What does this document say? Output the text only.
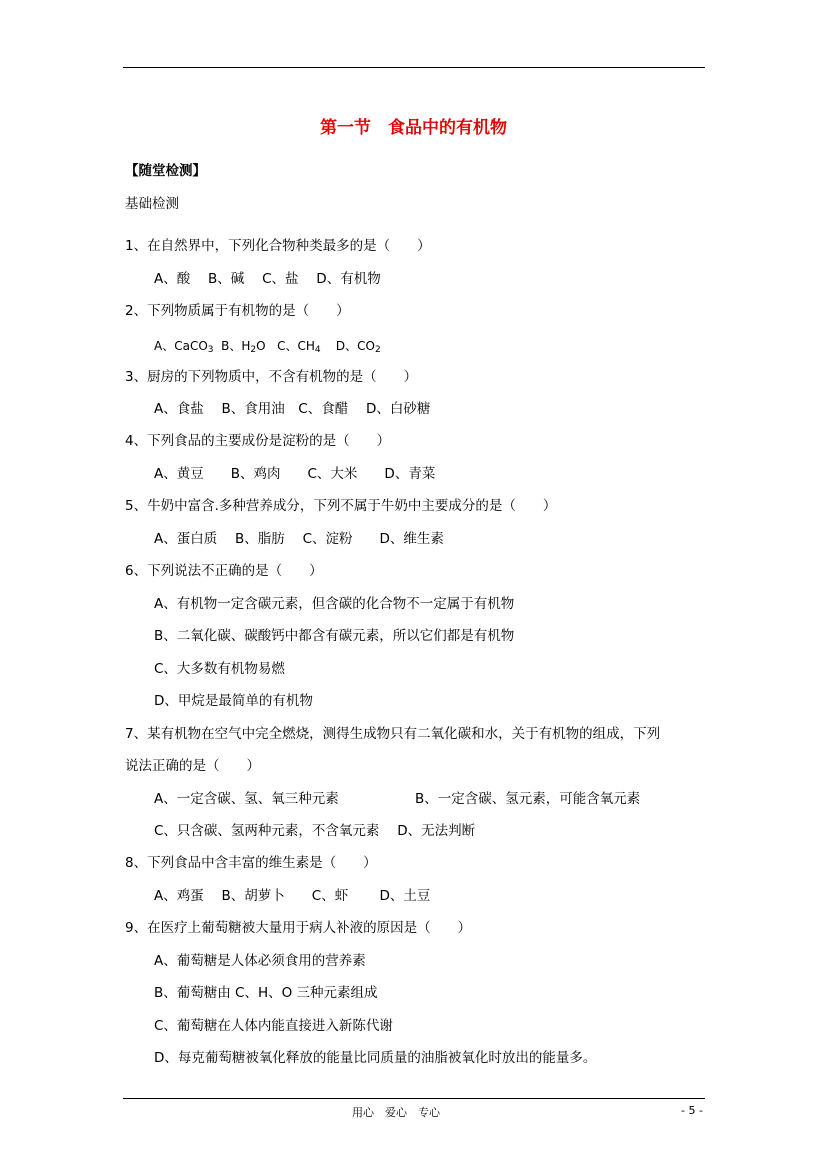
第一节　食品中的有机物
【随堂检测】
基础检测
1、在自然界中，下列化合物种类最多的是（　　）
A、酸　 B、碱　 C、盐　 D、有机物
2、下列物质属于有机物的是（　　）
A、CaCO$_3$ B、$H_2O$ C、$CH_4$ D、$CO_2$
3、厨房的下列物质中，不含有机物的是（　　）
A、食盐　 B、食用油　C、食醋　 D、白砂糖
4、下列食品的主要成份是淀粉的是（　　）
A、黄豆　　B、鸡肉　　C、大米　　D、青菜
5、牛奶中富含.多种营养成分，下列不属于牛奶中主要成分的是（　　）
A、蛋白质　 B、脂肪　 C、淀粉　　D、维生素
6、下列说法不正确的是（　　）
A、有机物一定含碳元素，但含碳的化合物不一定属于有机物
B、二氧化碳、碳酸钙中都含有碳元素，所以它们都是有机物
C、大多数有机物易燃
D、甲烷是最简单的有机物
7、某有机物在空气中完全燃烧，测得生成物只有二氧化碳和水，关于有机物的组成，下列
说法正确的是（　　）
A、一定含碳、氢、氧三种元素	B、一定含碳、氢元素，可能含氧元素
C、只含碳、氢两种元素，不含氧元素　 D、无法判断
8、下列食品中含丰富的维生素是（　　）
A、鸡蛋　 B、胡萝卜　　C、虾　　 D、土豆
9、在医疗上葡萄糖被大量用于病人补液的原因是（　　）
A、葡萄糖是人体必须食用的营养素
B、葡萄糖由 C、H、O 三种元素组成
C、葡萄糖在人体内能直接进入新陈代谢
D、每克葡萄糖被氧化释放的能量比同质量的油脂被氧化时放出的能量多。
用心　爱心　专心	- 5 -
